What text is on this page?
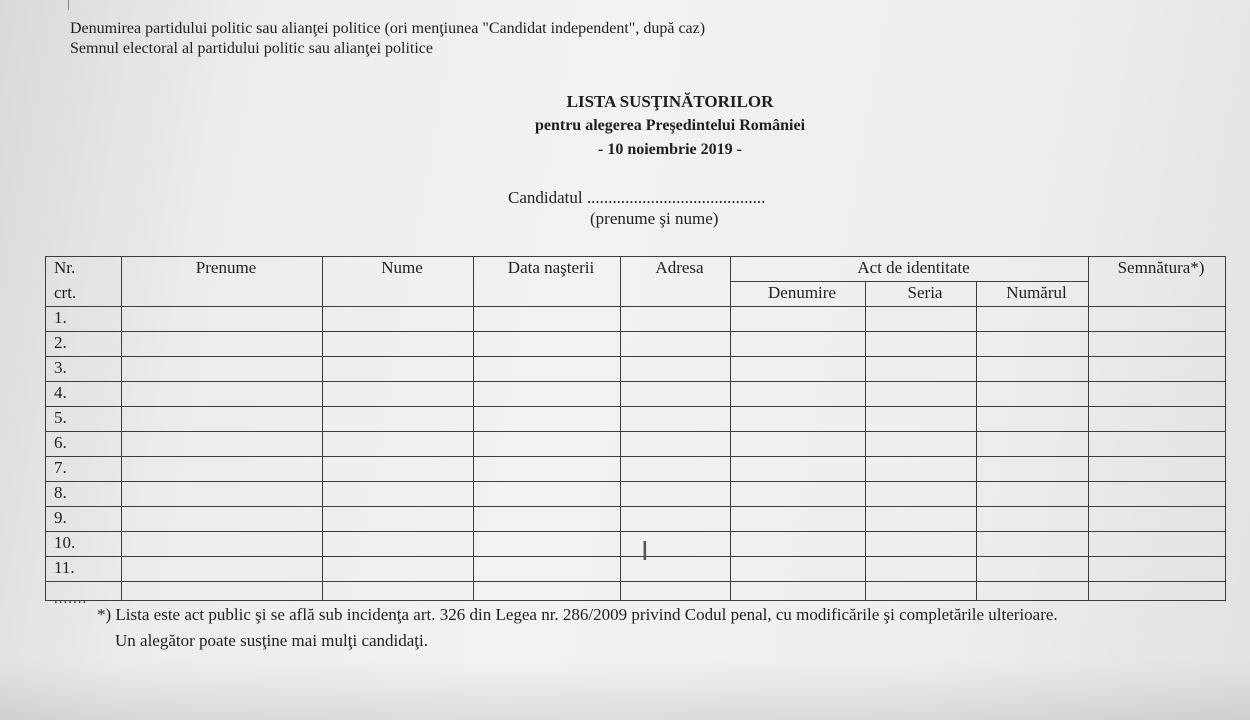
Denumirea partidului politic sau alianţei politice (ori menţiunea "Candidat independent", după caz)
Semnul electoral al partidului politic sau alianţei politice
LISTA SUSŢINĂTORILOR
pentru alegerea Preşedintelui României
- 10 noiembrie 2019 -
Candidatul ..........................................
(prenume şi nume)
Nr.	Prenume	Nume	Data naşterii	Adresa	Act de identitate			Semnătura*)
crt.					Denumire	Seria	Numărul	
1.								
2.								
3.								
4.								
5.								
6.								
7.								
8.								
9.								
10.								
11.								

.......
I
*) Lista este act public şi se află sub incidenţa art. 326 din Legea nr. 286/2009 privind Codul penal, cu modificările şi completările ulterioare.
Un alegător poate susţine mai mulţi candidaţi.
